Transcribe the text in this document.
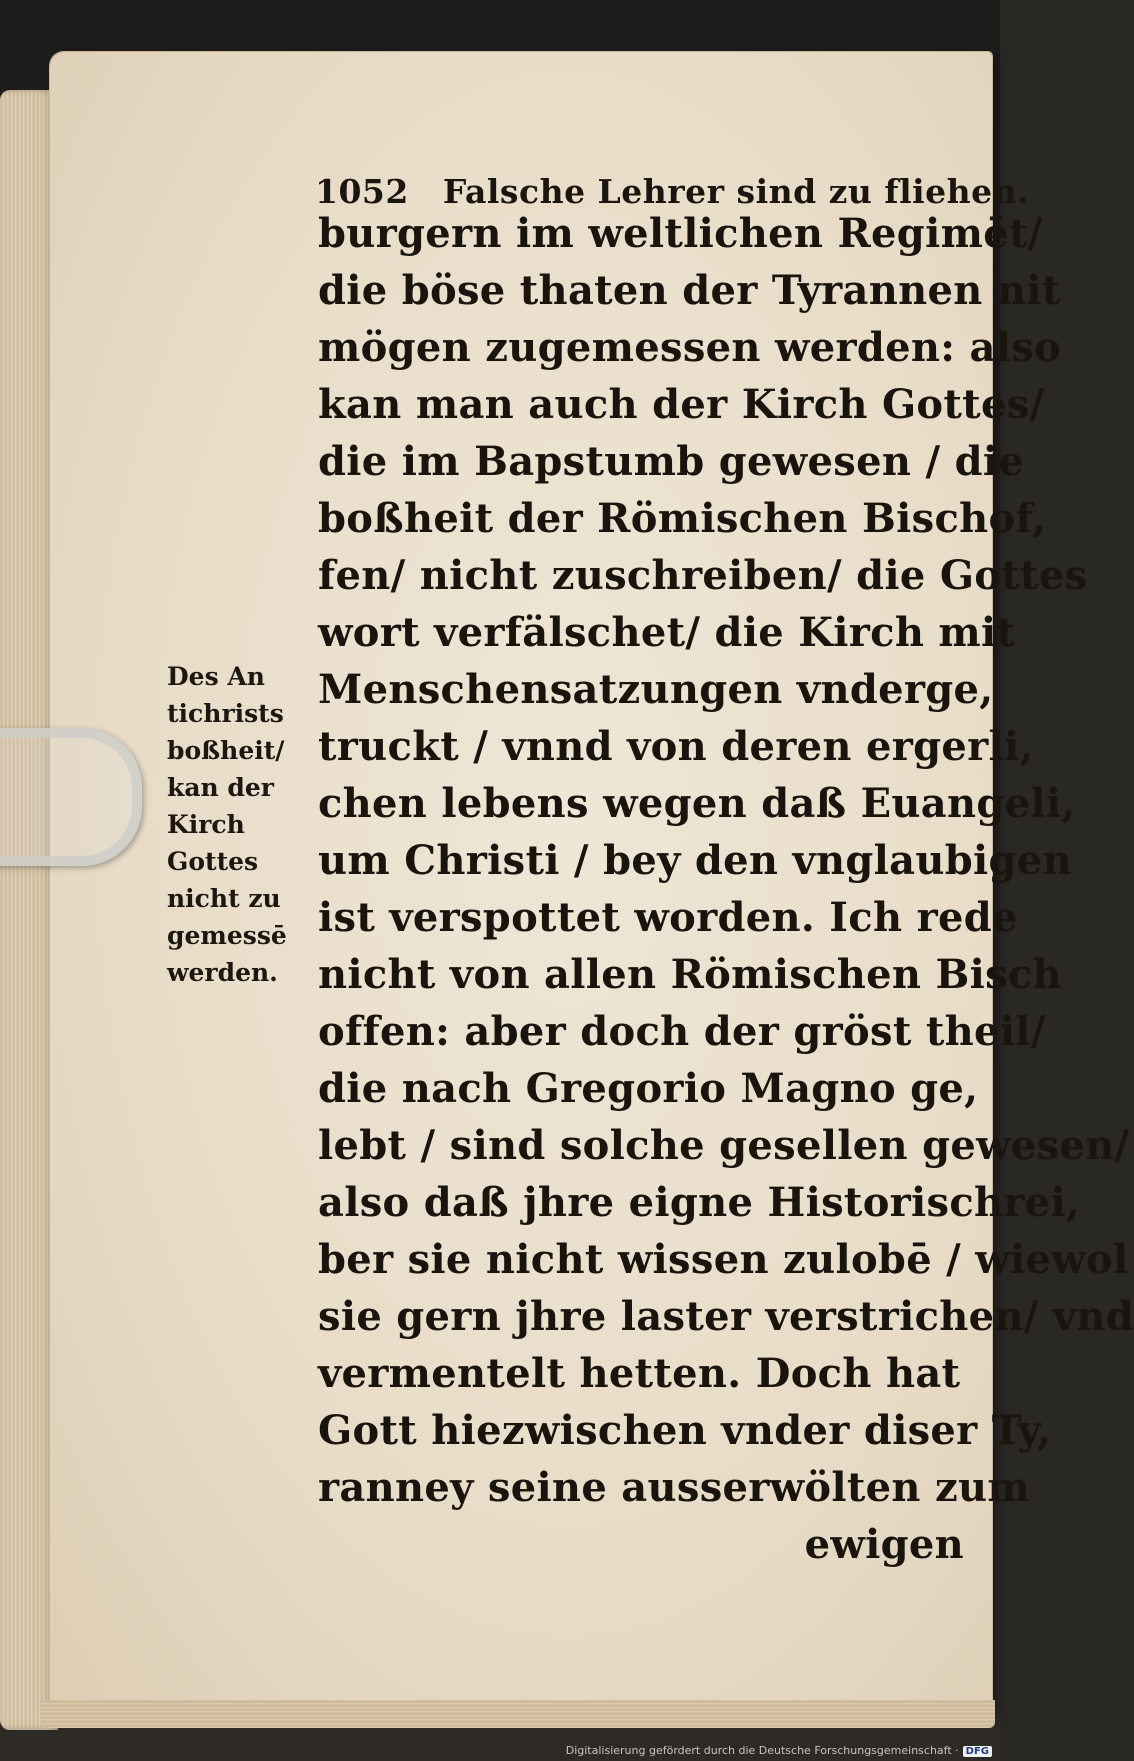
1052 Falsche Lehrer sind zu fliehen.
burgern im weltlichen Regimēt/
die böse thaten der Tyrannen nit
mögen zugemessen werden: also
kan man auch der Kirch Gottes/
die im Bapstumb gewesen / die
boßheit der Römischen Bischof,
fen/ nicht zuschreiben/ die Gottes
wort verfälschet/ die Kirch mit
Menschensatzungen vnderge,
truckt / vnnd von deren ergerli,
chen lebens wegen daß Euangeli,
um Christi / bey den vnglaubigen
ist verspottet worden. Ich rede
nicht von allen Römischen Bisch
offen: aber doch der gröst theil/
die nach Gregorio Magno ge,
lebt / sind solche gesellen gewesen/
also daß jhre eigne Historischrei,
ber sie nicht wissen zulobē / wiewol
sie gern jhre laster verstrichen/ vnd
vermentelt hetten. Doch hat
Gott hiezwischen vnder diser Ty,
ranney seine ausserwölten zum
ewigen
Des An
tichrists
boßheit/
kan der
Kirch
Gottes
nicht zu
gemessē
werden.
Digitalisierung gefördert durch die Deutsche Forschungsgemeinschaft · DFG
